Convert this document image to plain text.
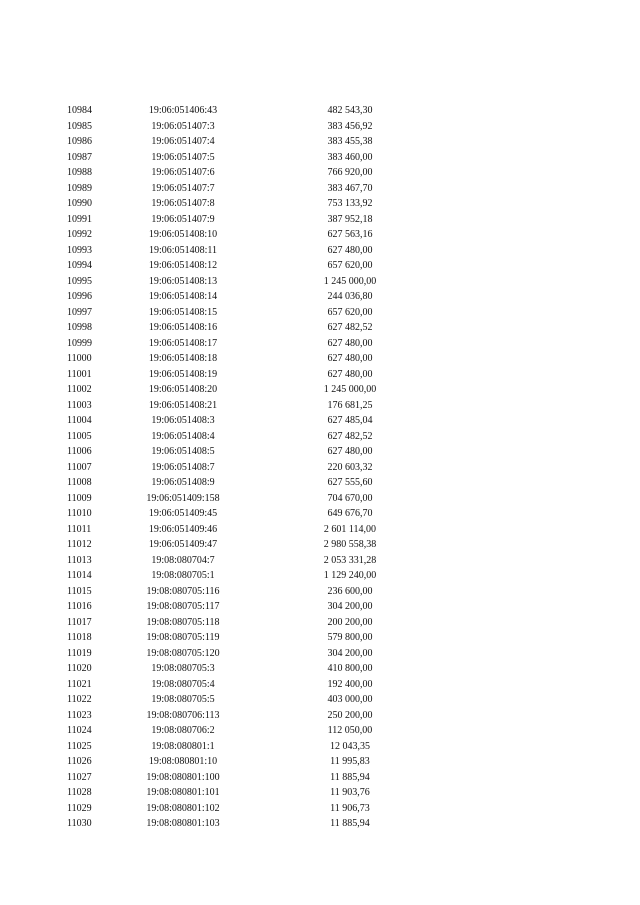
10984	19:06:051406:43	482 543,30
10985	19:06:051407:3	383 456,92
10986	19:06:051407:4	383 455,38
10987	19:06:051407:5	383 460,00
10988	19:06:051407:6	766 920,00
10989	19:06:051407:7	383 467,70
10990	19:06:051407:8	753 133,92
10991	19:06:051407:9	387 952,18
10992	19:06:051408:10	627 563,16
10993	19:06:051408:11	627 480,00
10994	19:06:051408:12	657 620,00
10995	19:06:051408:13	1 245 000,00
10996	19:06:051408:14	244 036,80
10997	19:06:051408:15	657 620,00
10998	19:06:051408:16	627 482,52
10999	19:06:051408:17	627 480,00
11000	19:06:051408:18	627 480,00
11001	19:06:051408:19	627 480,00
11002	19:06:051408:20	1 245 000,00
11003	19:06:051408:21	176 681,25
11004	19:06:051408:3	627 485,04
11005	19:06:051408:4	627 482,52
11006	19:06:051408:5	627 480,00
11007	19:06:051408:7	220 603,32
11008	19:06:051408:9	627 555,60
11009	19:06:051409:158	704 670,00
11010	19:06:051409:45	649 676,70
11011	19:06:051409:46	2 601 114,00
11012	19:06:051409:47	2 980 558,38
11013	19:08:080704:7	2 053 331,28
11014	19:08:080705:1	1 129 240,00
11015	19:08:080705:116	236 600,00
11016	19:08:080705:117	304 200,00
11017	19:08:080705:118	200 200,00
11018	19:08:080705:119	579 800,00
11019	19:08:080705:120	304 200,00
11020	19:08:080705:3	410 800,00
11021	19:08:080705:4	192 400,00
11022	19:08:080705:5	403 000,00
11023	19:08:080706:113	250 200,00
11024	19:08:080706:2	112 050,00
11025	19:08:080801:1	12 043,35
11026	19:08:080801:10	11 995,83
11027	19:08:080801:100	11 885,94
11028	19:08:080801:101	11 903,76
11029	19:08:080801:102	11 906,73
11030	19:08:080801:103	11 885,94
